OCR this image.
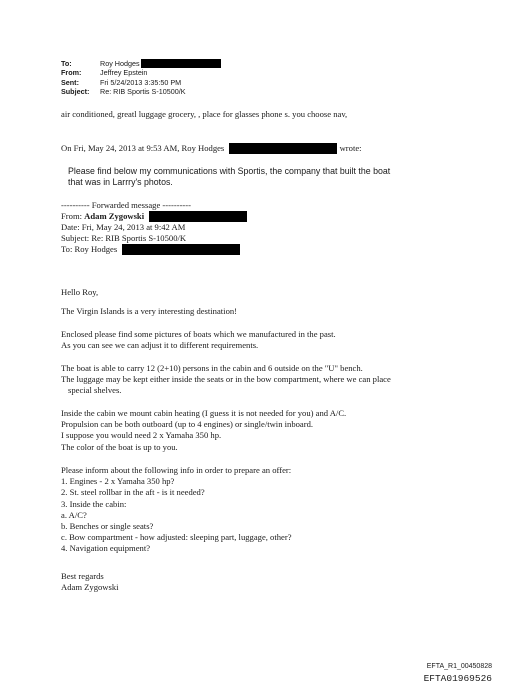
To:	Roy Hodges
From:	Jeffrey Epstein
Sent:	Fri 5/24/2013 3:35:50 PM
Subject:	Re: RIB Sportis S-10500/K
air conditioned, greatl luggage grocery, , place for glasses phone s. you choose nav,
On Fri, May 24, 2013 at 9:53 AM, Roy Hodges	wrote:
Please find below my communications with Sportis, the company that built the boat
that was in Larrry's photos.
---------- Forwarded message ----------
From: Adam Zygowski
Date: Fri, May 24, 2013 at 9:42 AM
Subject: Re: RIB Sportis S-10500/K
To: Roy Hodges
Hello Roy,
The Virgin Islands is a very interesting destination!
Enclosed please find some pictures of boats which we manufactured in the past.
As you can see we can adjust it to different requirements.
The boat is able to carry 12 (2+10) persons in the cabin and 6 outside on the "U" bench.
The luggage may be kept either inside the seats or in the bow compartment, where we can place
special shelves.
Inside the cabin we mount cabin heating (I guess it is not needed for you) and A/C.
Propulsion can be both outboard (up to 4 engines) or single/twin inboard.
I suppose you would need 2 x Yamaha 350 hp.
The color of the boat is up to you.
Please inform about the following info in order to prepare an offer:
1. Engines - 2 x Yamaha 350 hp?
2. St. steel rollbar in the aft - is it needed?
3. Inside the cabin:
a. A/C?
b. Benches or single seats?
c. Bow compartment - how adjusted: sleeping part, luggage, other?
4. Navigation equipment?
Best regards
Adam Zygowski
EFTA_R1_00450828
EFTA01969526
